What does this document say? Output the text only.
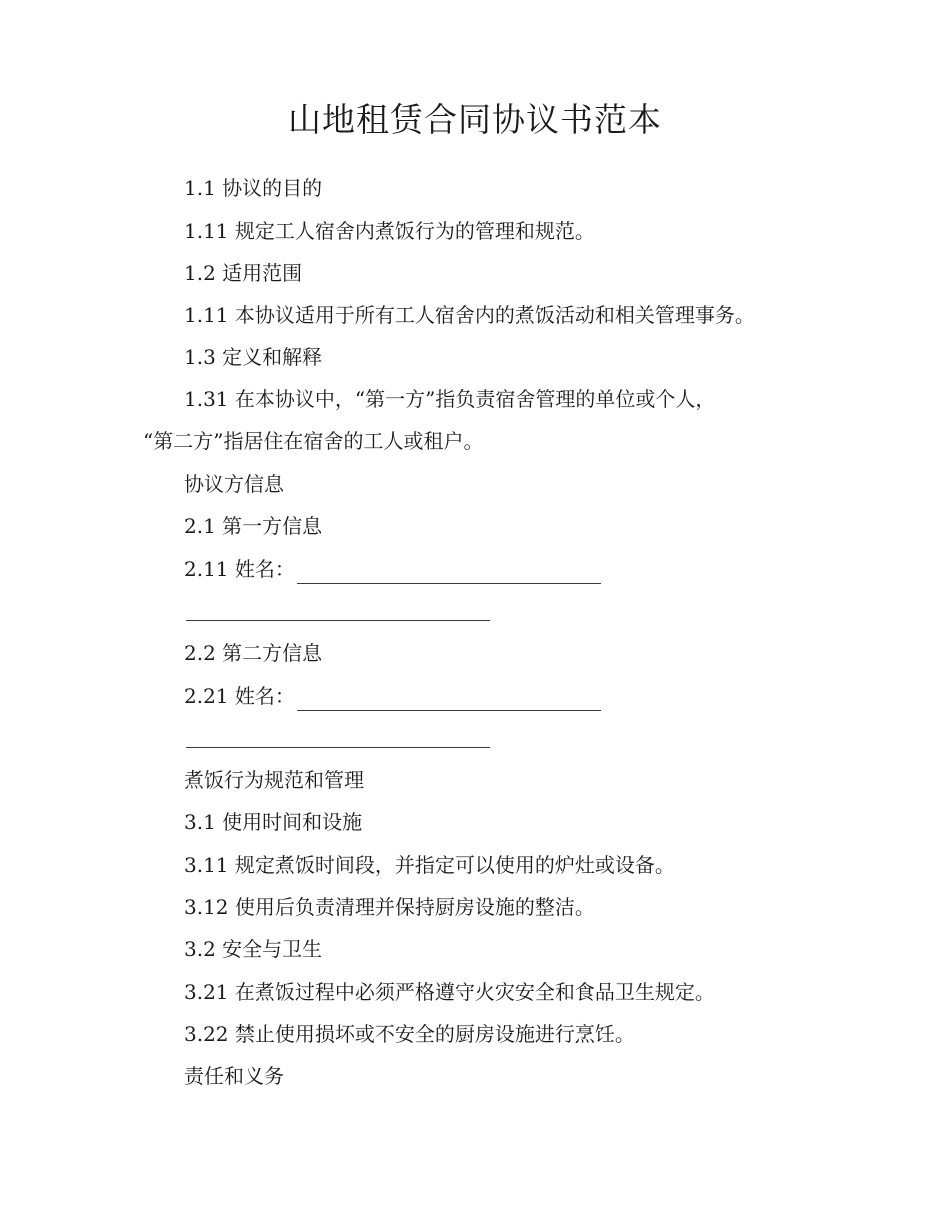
山地租赁合同协议书范本
1.1 协议的目的
1.11 规定工人宿舍内煮饭行为的管理和规范。
1.2 适用范围
1.11 本协议适用于所有工人宿舍内的煮饭活动和相关管理事务。
1.3 定义和解释
1.31 在本协议中，“第一方”指负责宿舍管理的单位或个人，
“第二方”指居住在宿舍的工人或租户。
协议方信息
2.1 第一方信息
2.11 姓名：
2.2 第二方信息
2.21 姓名：
煮饭行为规范和管理
3.1 使用时间和设施
3.11 规定煮饭时间段，并指定可以使用的炉灶或设备。
3.12 使用后负责清理并保持厨房设施的整洁。
3.2 安全与卫生
3.21 在煮饭过程中必须严格遵守火灾安全和食品卫生规定。
3.22 禁止使用损坏或不安全的厨房设施进行烹饪。
责任和义务
